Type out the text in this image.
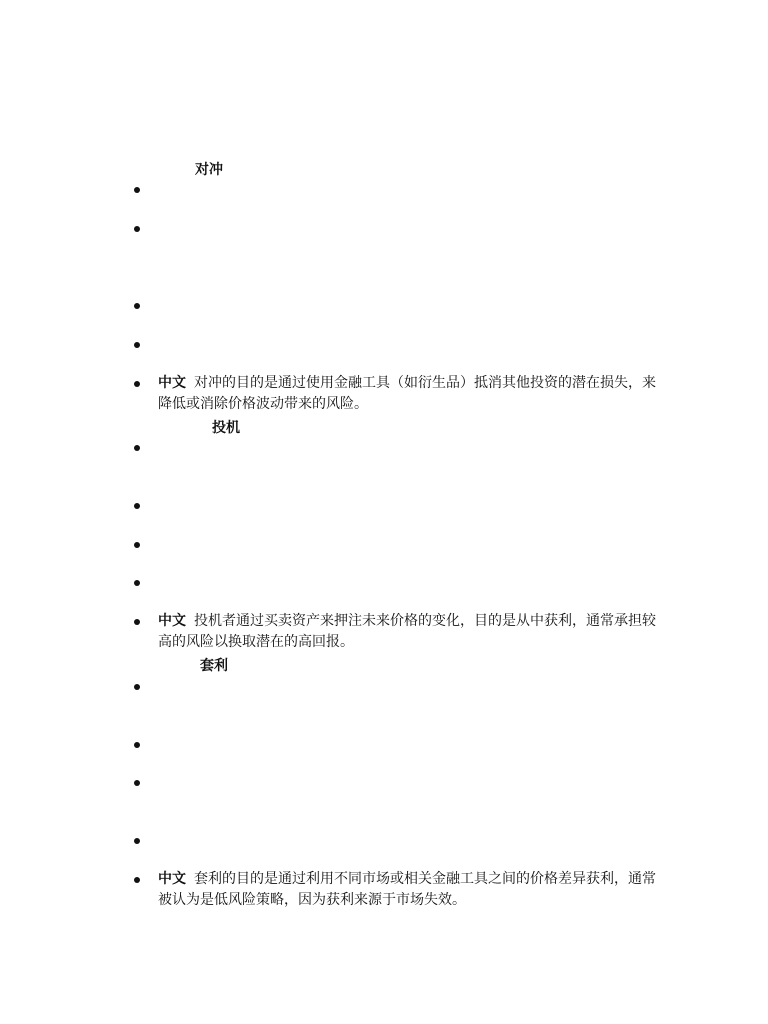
对冲
中文 对冲的目的是通过使用金融工具（如衍生品）抵消其他投资的潜在损失，来降低或消除价格波动带来的风险。
投机
中文 投机者通过买卖资产来押注未来价格的变化，目的是从中获利，通常承担较高的风险以换取潜在的高回报。
套利
中文 套利的目的是通过利用不同市场或相关金融工具之间的价格差异获利，通常被认为是低风险策略，因为获利来源于市场失效。
